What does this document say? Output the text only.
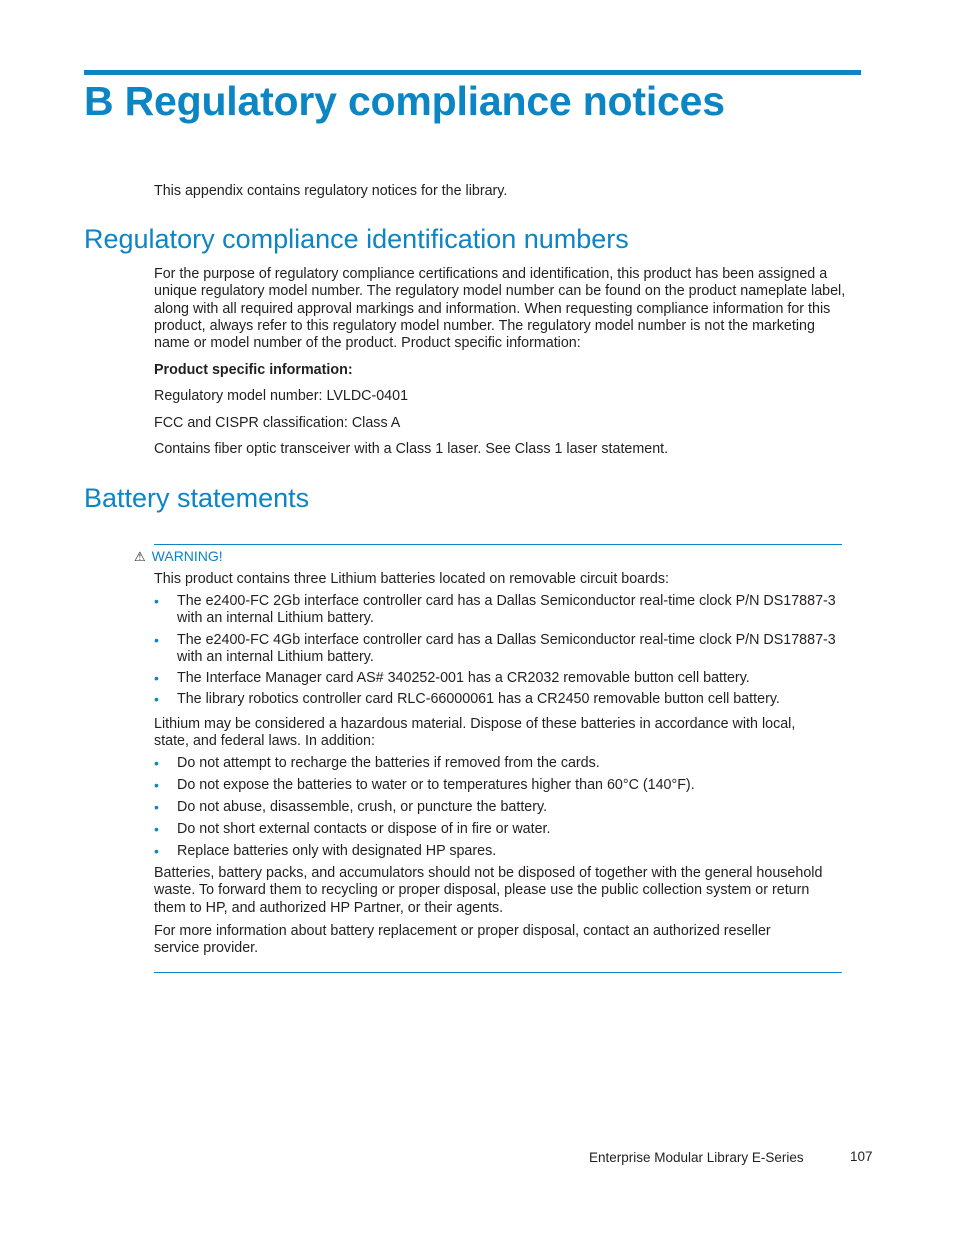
B Regulatory compliance notices

This appendix contains regulatory notices for the library.

Regulatory compliance identification numbers

For the purpose of regulatory compliance certifications and identification, this product has been assigned a unique regulatory model number. The regulatory model number can be found on the product nameplate label, along with all required approval markings and information. When requesting compliance information for this product, always refer to this regulatory model number. The regulatory model number is not the marketing name or model number of the product. Product specific information:

Product specific information:

Regulatory model number: LVLDC-0401

FCC and CISPR classification: Class A

Contains fiber optic transceiver with a Class 1 laser. See Class 1 laser statement.

Battery statements
⚠ WARNING!

This product contains three Lithium batteries located on removable circuit boards:

• The e2400-FC 2Gb interface controller card has a Dallas Semiconductor real-time clock P/N DS17887-3 with an internal Lithium battery.
• The e2400-FC 4Gb interface controller card has a Dallas Semiconductor real-time clock P/N DS17887-3 with an internal Lithium battery.
• The Interface Manager card AS# 340252-001 has a CR2032 removable button cell battery.
• The library robotics controller card RLC-66000061 has a CR2450 removable button cell battery.

Lithium may be considered a hazardous material. Dispose of these batteries in accordance with local, state, and federal laws. In addition:

• Do not attempt to recharge the batteries if removed from the cards.
• Do not expose the batteries to water or to temperatures higher than 60°C (140°F).
• Do not abuse, disassemble, crush, or puncture the battery.
• Do not short external contacts or dispose of in fire or water.
• Replace batteries only with designated HP spares.

Batteries, battery packs, and accumulators should not be disposed of together with the general household waste. To forward them to recycling or proper disposal, please use the public collection system or return them to HP, and authorized HP Partner, or their agents.

For more information about battery replacement or proper disposal, contact an authorized reseller service provider.

Enterprise Modular Library E-Series	107
